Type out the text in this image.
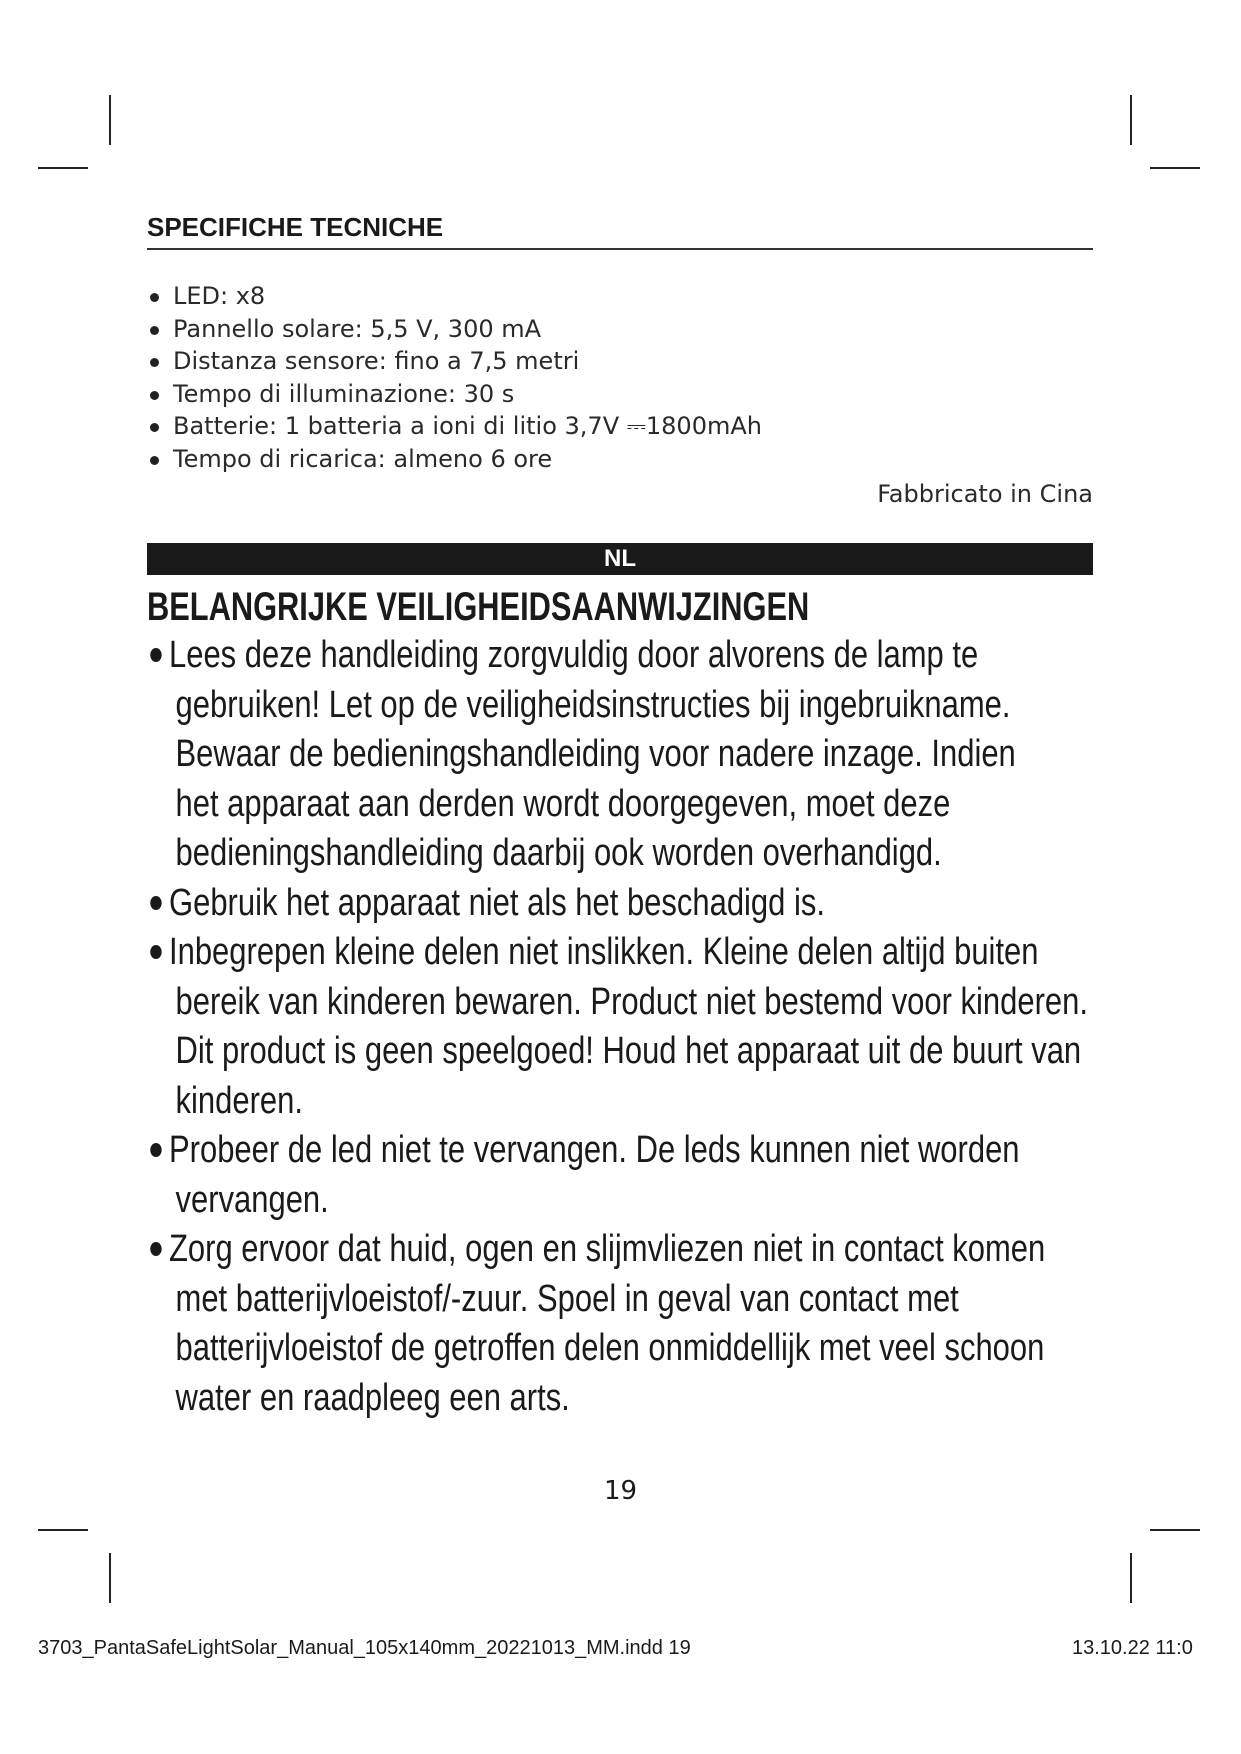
SPECIFICHE TECNICHE
LED: x8
Pannello solare: 5,5 V, 300 mA
Distanza sensore: fino a 7,5 metri
Tempo di illuminazione: 30 s
Batterie: 1 batteria a ioni di litio 3,7V ⎓1800mAh
Tempo di ricarica: almeno 6 ore
Fabbricato in Cina
NL
BELANGRIJKE VEILIGHEIDSAANWIJZINGEN
Lees deze handleiding zorgvuldig door alvorens de lamp te
gebruiken! Let op de veiligheidsinstructies bij ingebruikname.
Bewaar de bedieningshandleiding voor nadere inzage. Indien
het apparaat aan derden wordt doorgegeven, moet deze
bedieningshandleiding daarbij ook worden overhandigd.
Gebruik het apparaat niet als het beschadigd is.
Inbegrepen kleine delen niet inslikken. Kleine delen altijd buiten
bereik van kinderen bewaren. Product niet bestemd voor kinderen.
Dit product is geen speelgoed! Houd het apparaat uit de buurt van
kinderen.
Probeer de led niet te vervangen. De leds kunnen niet worden
vervangen.
Zorg ervoor dat huid, ogen en slijmvliezen niet in contact komen
met batterijvloeistof/-zuur. Spoel in geval van contact met
batterijvloeistof de getroffen delen onmiddellijk met veel schoon
water en raadpleeg een arts.
19
3703_PantaSafeLightSolar_Manual_105x140mm_20221013_MM.indd 19	13.10.22 11:0
